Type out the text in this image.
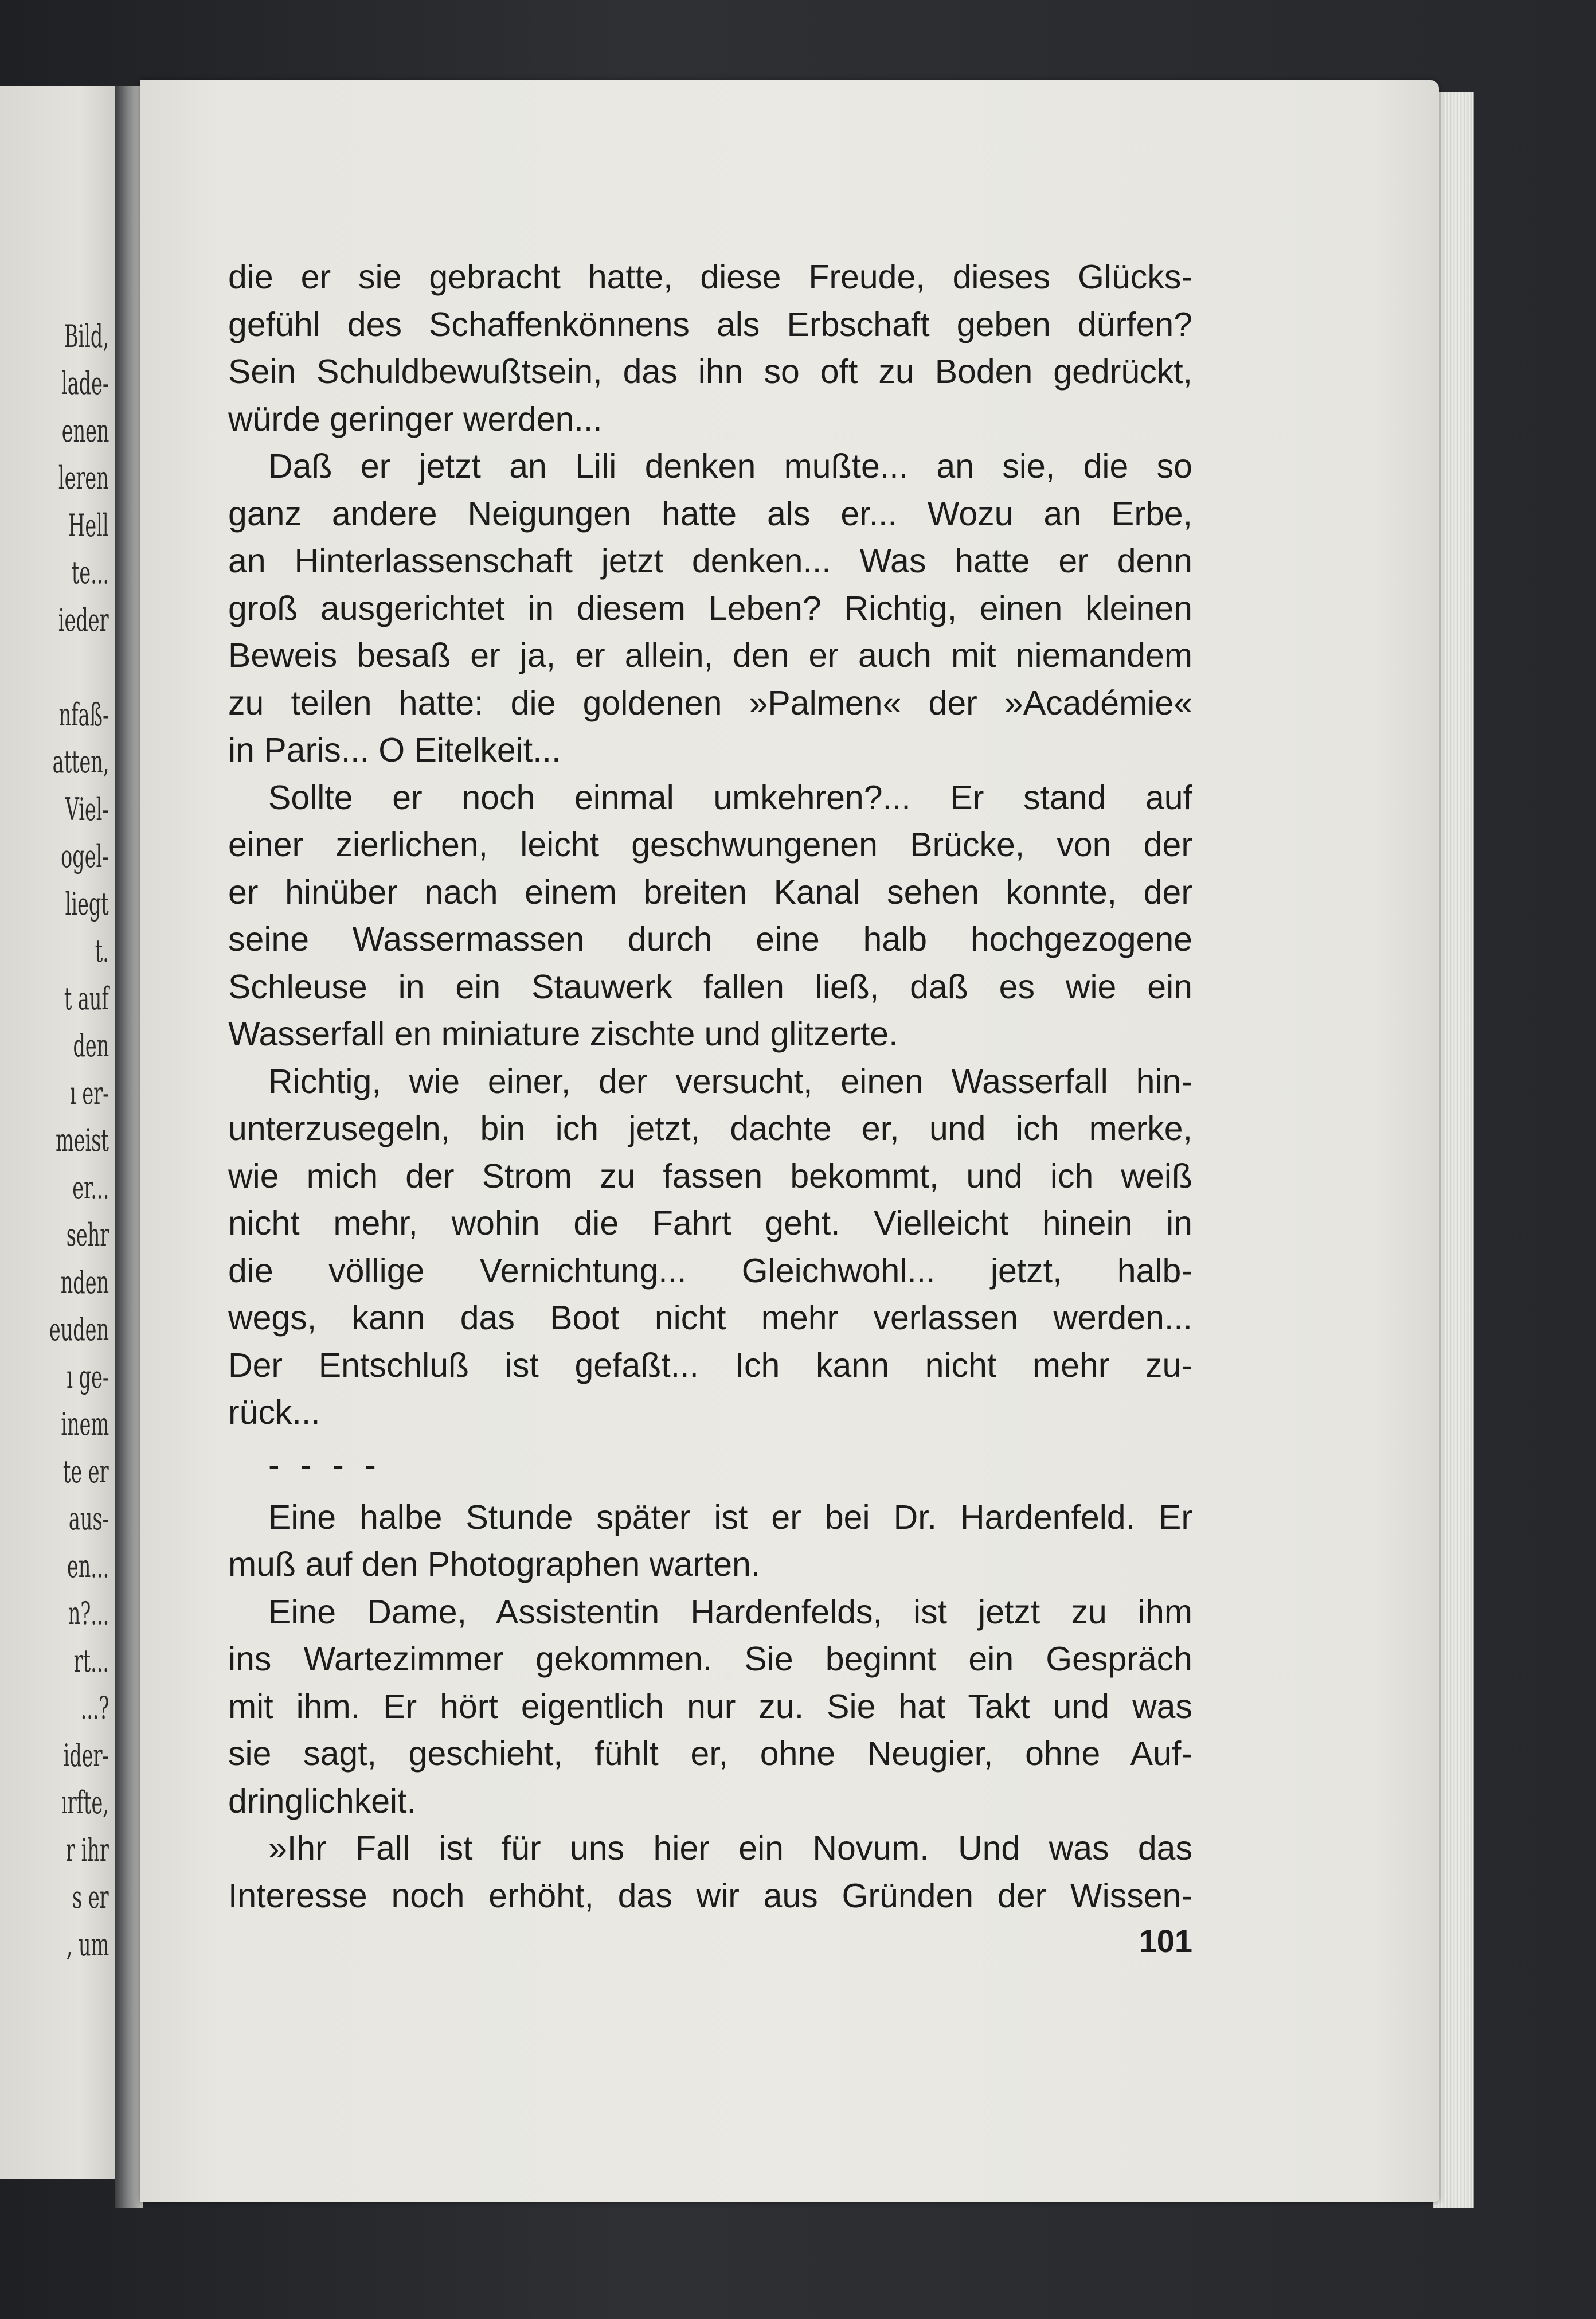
Bild,
lade-
enen
leren
Hell
te...
ieder
nfaß-
atten,
Viel-
ogel-
liegt
t.
t auf
den
ı er-
meist
er...
sehr
nden
euden
ı ge-
inem
te er
aus-
en...
n?...
rt...
...?
ider-
ırfte,
r ihr
s er
, um
die er sie gebracht hatte, diese Freude, dieses Glücks-
gefühl des Schaffenkönnens als Erbschaft geben dürfen?
Sein Schuldbewußtsein, das ihn so oft zu Boden gedrückt,
würde geringer werden...
Daß er jetzt an Lili denken mußte... an sie, die so
ganz andere Neigungen hatte als er... Wozu an Erbe,
an Hinterlassenschaft jetzt denken... Was hatte er denn
groß ausgerichtet in diesem Leben? Richtig, einen kleinen
Beweis besaß er ja, er allein, den er auch mit niemandem
zu teilen hatte: die goldenen »Palmen« der »Académie«
in Paris... O Eitelkeit...
Sollte er noch einmal umkehren?... Er stand auf
einer zierlichen, leicht geschwungenen Brücke, von der
er hinüber nach einem breiten Kanal sehen konnte, der
seine Wassermassen durch eine halb hochgezogene
Schleuse in ein Stauwerk fallen ließ, daß es wie ein
Wasserfall en miniature zischte und glitzerte.
Richtig, wie einer, der versucht, einen Wasserfall hin-
unterzusegeln, bin ich jetzt, dachte er, und ich merke,
wie mich der Strom zu fassen bekommt, und ich weiß
nicht mehr, wohin die Fahrt geht. Vielleicht hinein in
die völlige Vernichtung... Gleichwohl... jetzt, halb-
wegs, kann das Boot nicht mehr verlassen werden...
Der Entschluß ist gefaßt... Ich kann nicht mehr zu-
rück...
- - - -
Eine halbe Stunde später ist er bei Dr. Hardenfeld. Er
muß auf den Photographen warten.
Eine Dame, Assistentin Hardenfelds, ist jetzt zu ihm
ins Wartezimmer gekommen. Sie beginnt ein Gespräch
mit ihm. Er hört eigentlich nur zu. Sie hat Takt und was
sie sagt, geschieht, fühlt er, ohne Neugier, ohne Auf-
dringlichkeit.
»Ihr Fall ist für uns hier ein Novum. Und was das
Interesse noch erhöht, das wir aus Gründen der Wissen-
101
